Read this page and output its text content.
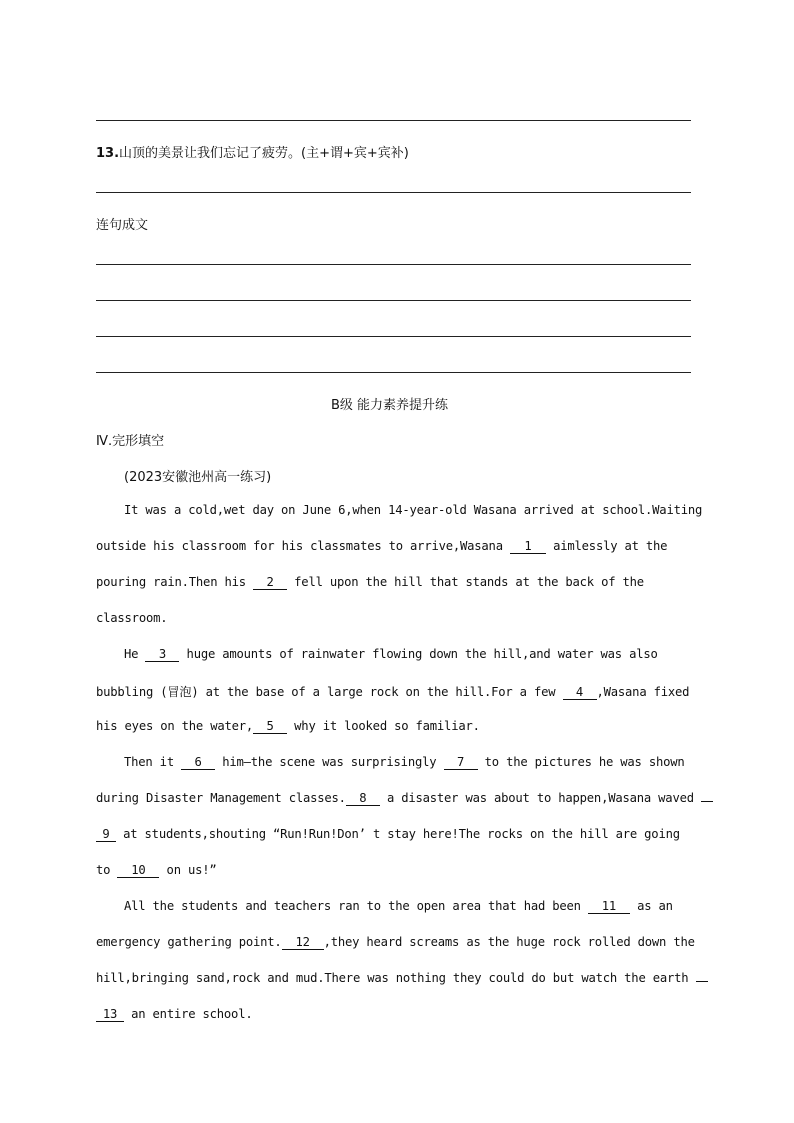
13.山顶的美景让我们忘记了疲劳。(主+谓+宾+宾补)
连句成文
B级 能力素养提升练
Ⅳ.完形填空
(2023安徽池州高一练习)
It was a cold,wet day on June 6,when 14-year-old Wasana arrived at school.Waiting
outside his classroom for his classmates to arrive,Wasana 1 aimlessly at the
pouring rain.Then his 2 fell upon the hill that stands at the back of the
classroom.
He 3 huge amounts of rainwater flowing down the hill,and water was also
bubbling (冒泡) at the base of a large rock on the hill.For a few 4 ,Wasana fixed
his eyes on the water, 5 why it looked so familiar.
Then it 6 him—the scene was surprisingly 7 to the pictures he was shown
during Disaster Management classes. 8 a disaster was about to happen,Wasana waved
9 at students,shouting “Run!Run!Don’ t stay here!The rocks on the hill are going
to 10 on us!”
All the students and teachers ran to the open area that had been 11 as an
emergency gathering point. 12 ,they heard screams as the huge rock rolled down the
hill,bringing sand,rock and mud.There was nothing they could do but watch the earth
13 an entire school.
